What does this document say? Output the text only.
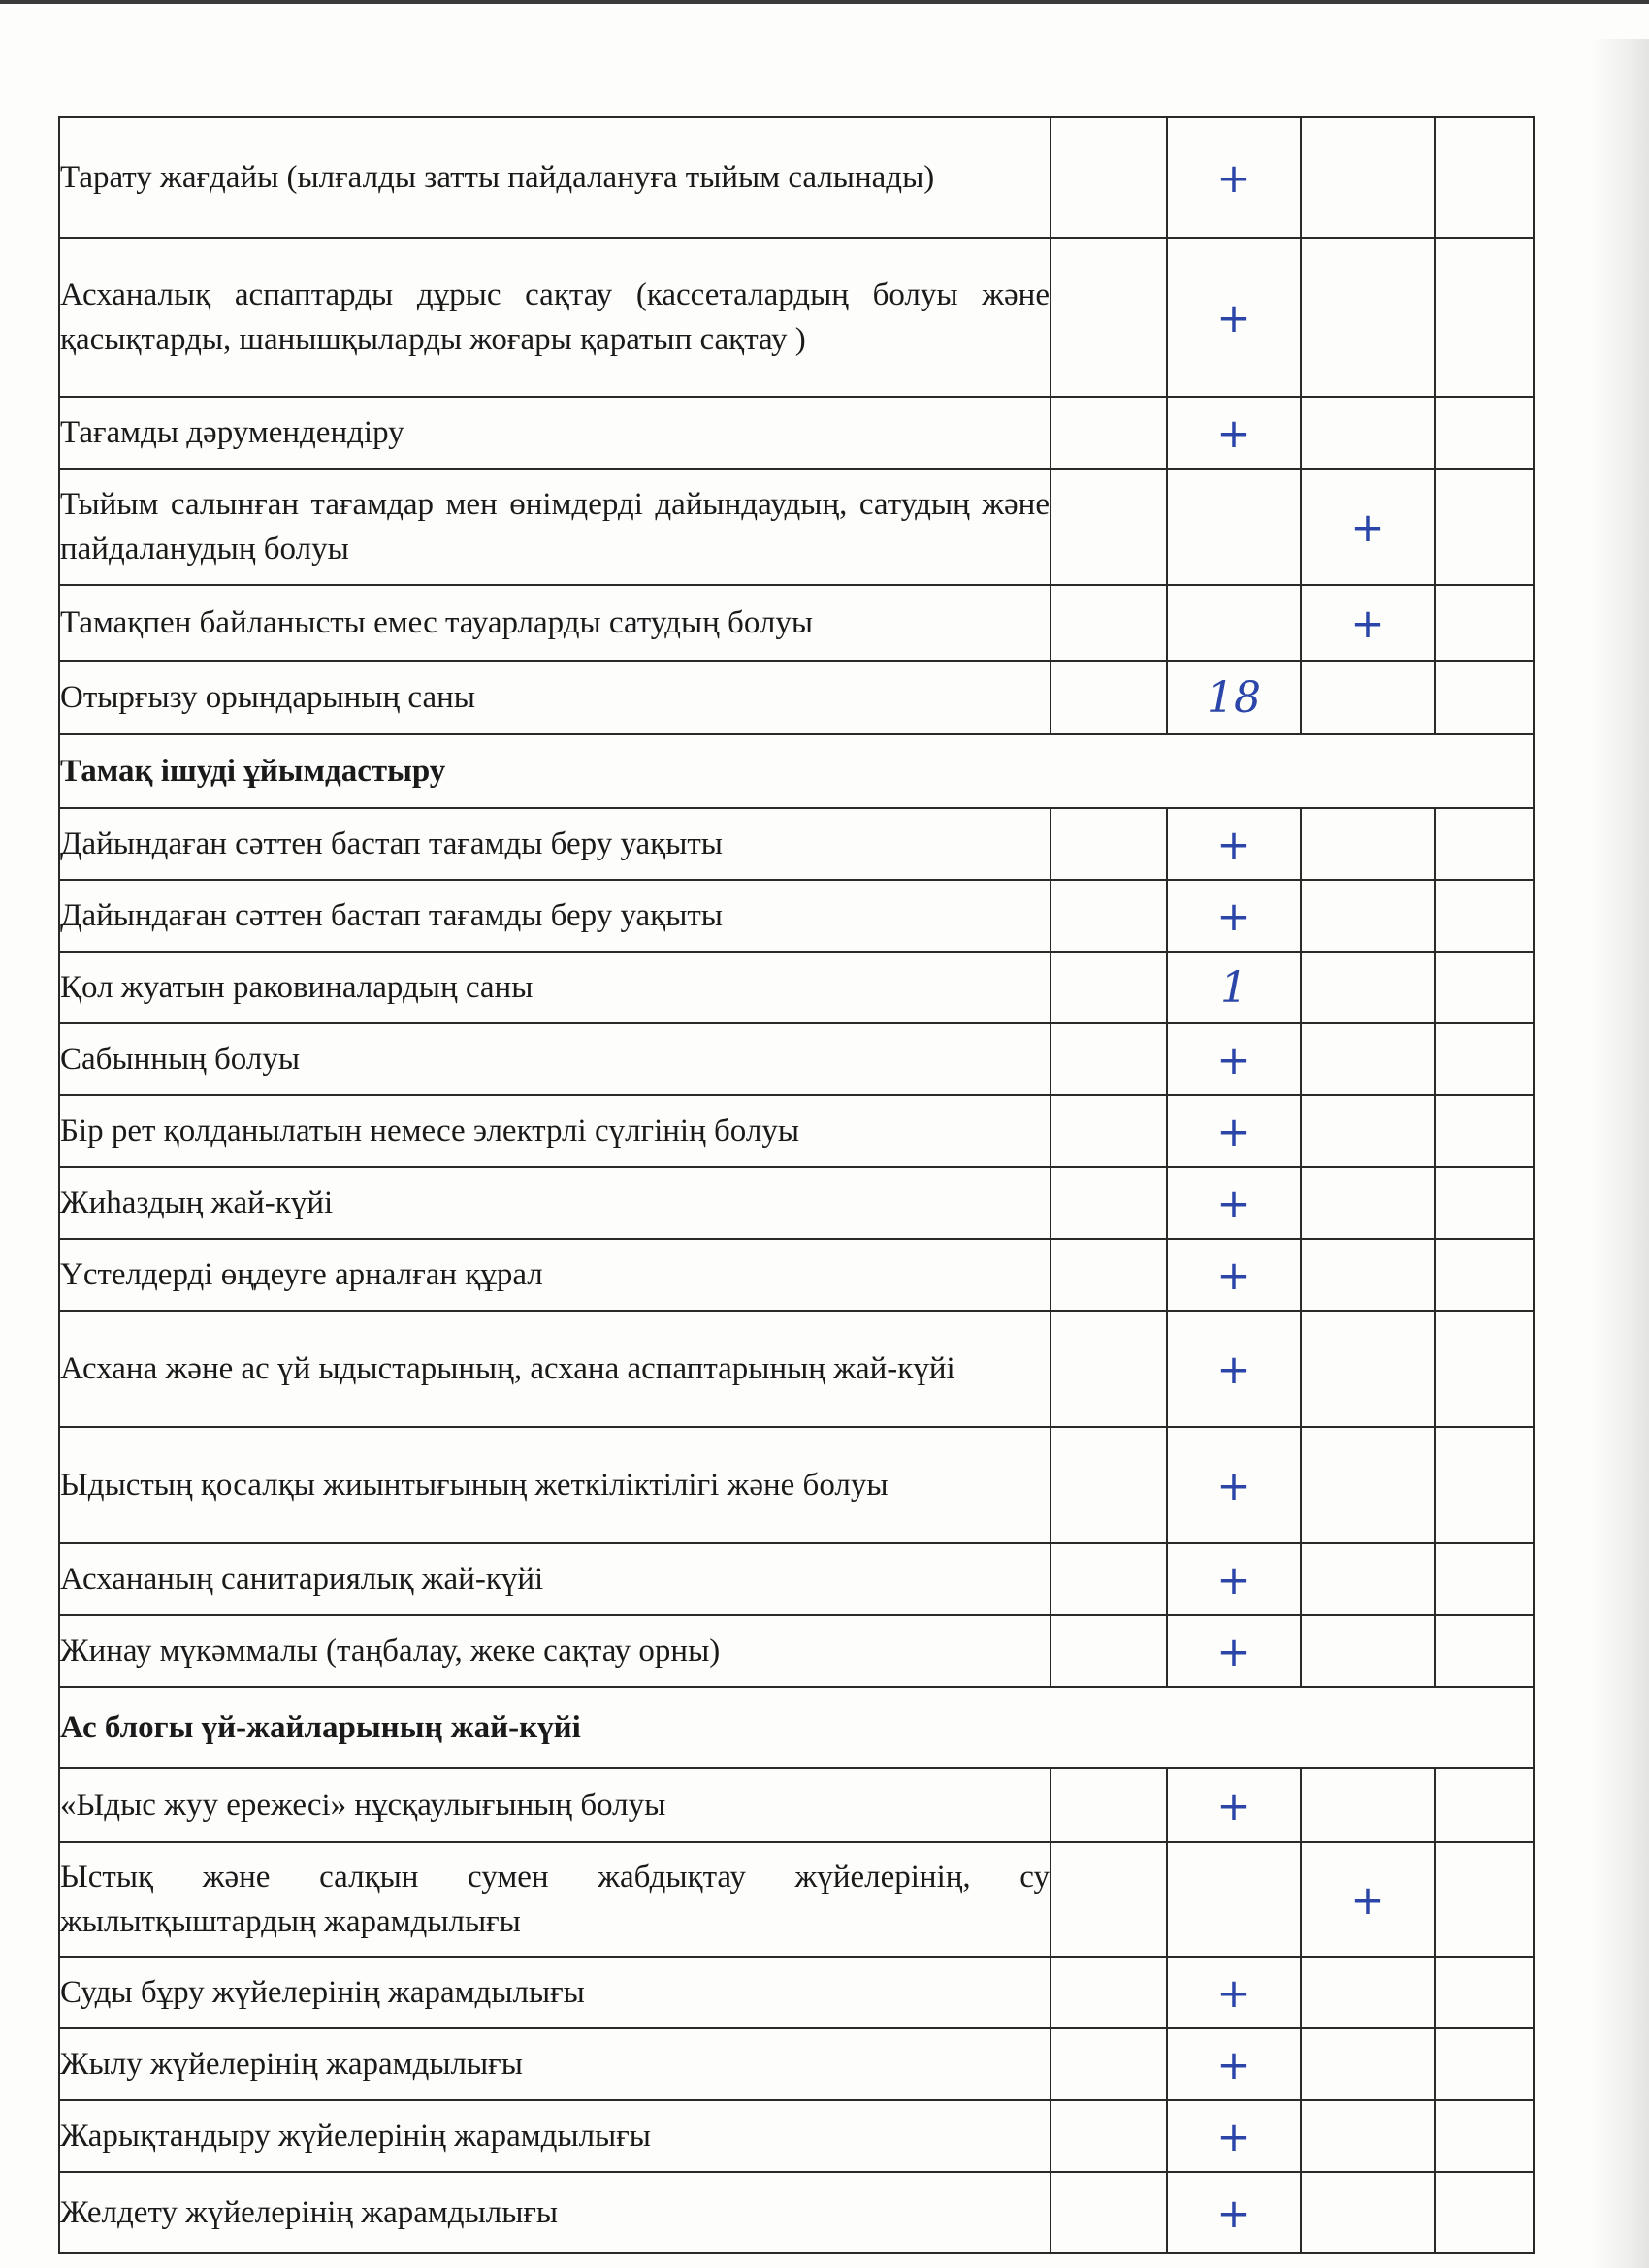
Тарату жағдайы (ылғалды затты пайдалануға тыйым салынады)		+		
Асханалық аспаптарды дұрыс сақтау (кассеталардың болуы және қасықтарды, шанышқыларды жоғары қаратып сақтау )		+		
Тағамды дәрумендендіру		+		
Тыйым салынған тағамдар мен өнімдерді дайындаудың, сатудың және пайдаланудың болуы			+	
Тамақпен байланысты емес тауарларды сатудың болуы			+	
Отырғызу орындарының саны		18		
Тамақ ішуді ұйымдастыру				
Дайындаған сәттен бастап тағамды беру уақыты		+		
Дайындаған сәттен бастап тағамды беру уақыты		+		
Қол жуатын раковиналардың саны		1		
Сабынның болуы		+		
Бір рет қолданылатын немесе электрлі сүлгінің болуы		+		
Жиһаздың жай-күйі		+		
Үстелдерді өңдеуге арналған құрал		+		
Асхана және ас үй ыдыстарының, асхана аспаптарының жай-күйі		+		
Ыдыстың қосалқы жиынтығының жеткіліктілігі және болуы		+		
Асхананың санитариялық жай-күйі		+		
Жинау мүкәммалы (таңбалау, жеке сақтау орны)		+		
Ас блогы үй-жайларының жай-күйі				
«Ыдыс жуу ережесі» нұсқаулығының болуы		+		
Ыстық және салқын сумен жабдықтау жүйелерінің, су жылытқыштардың жарамдылығы			+	
Суды бұру жүйелерінің жарамдылығы		+		
Жылу жүйелерінің жарамдылығы		+		
Жарықтандыру жүйелерінің жарамдылығы		+		
Желдету жүйелерінің жарамдылығы		+		
